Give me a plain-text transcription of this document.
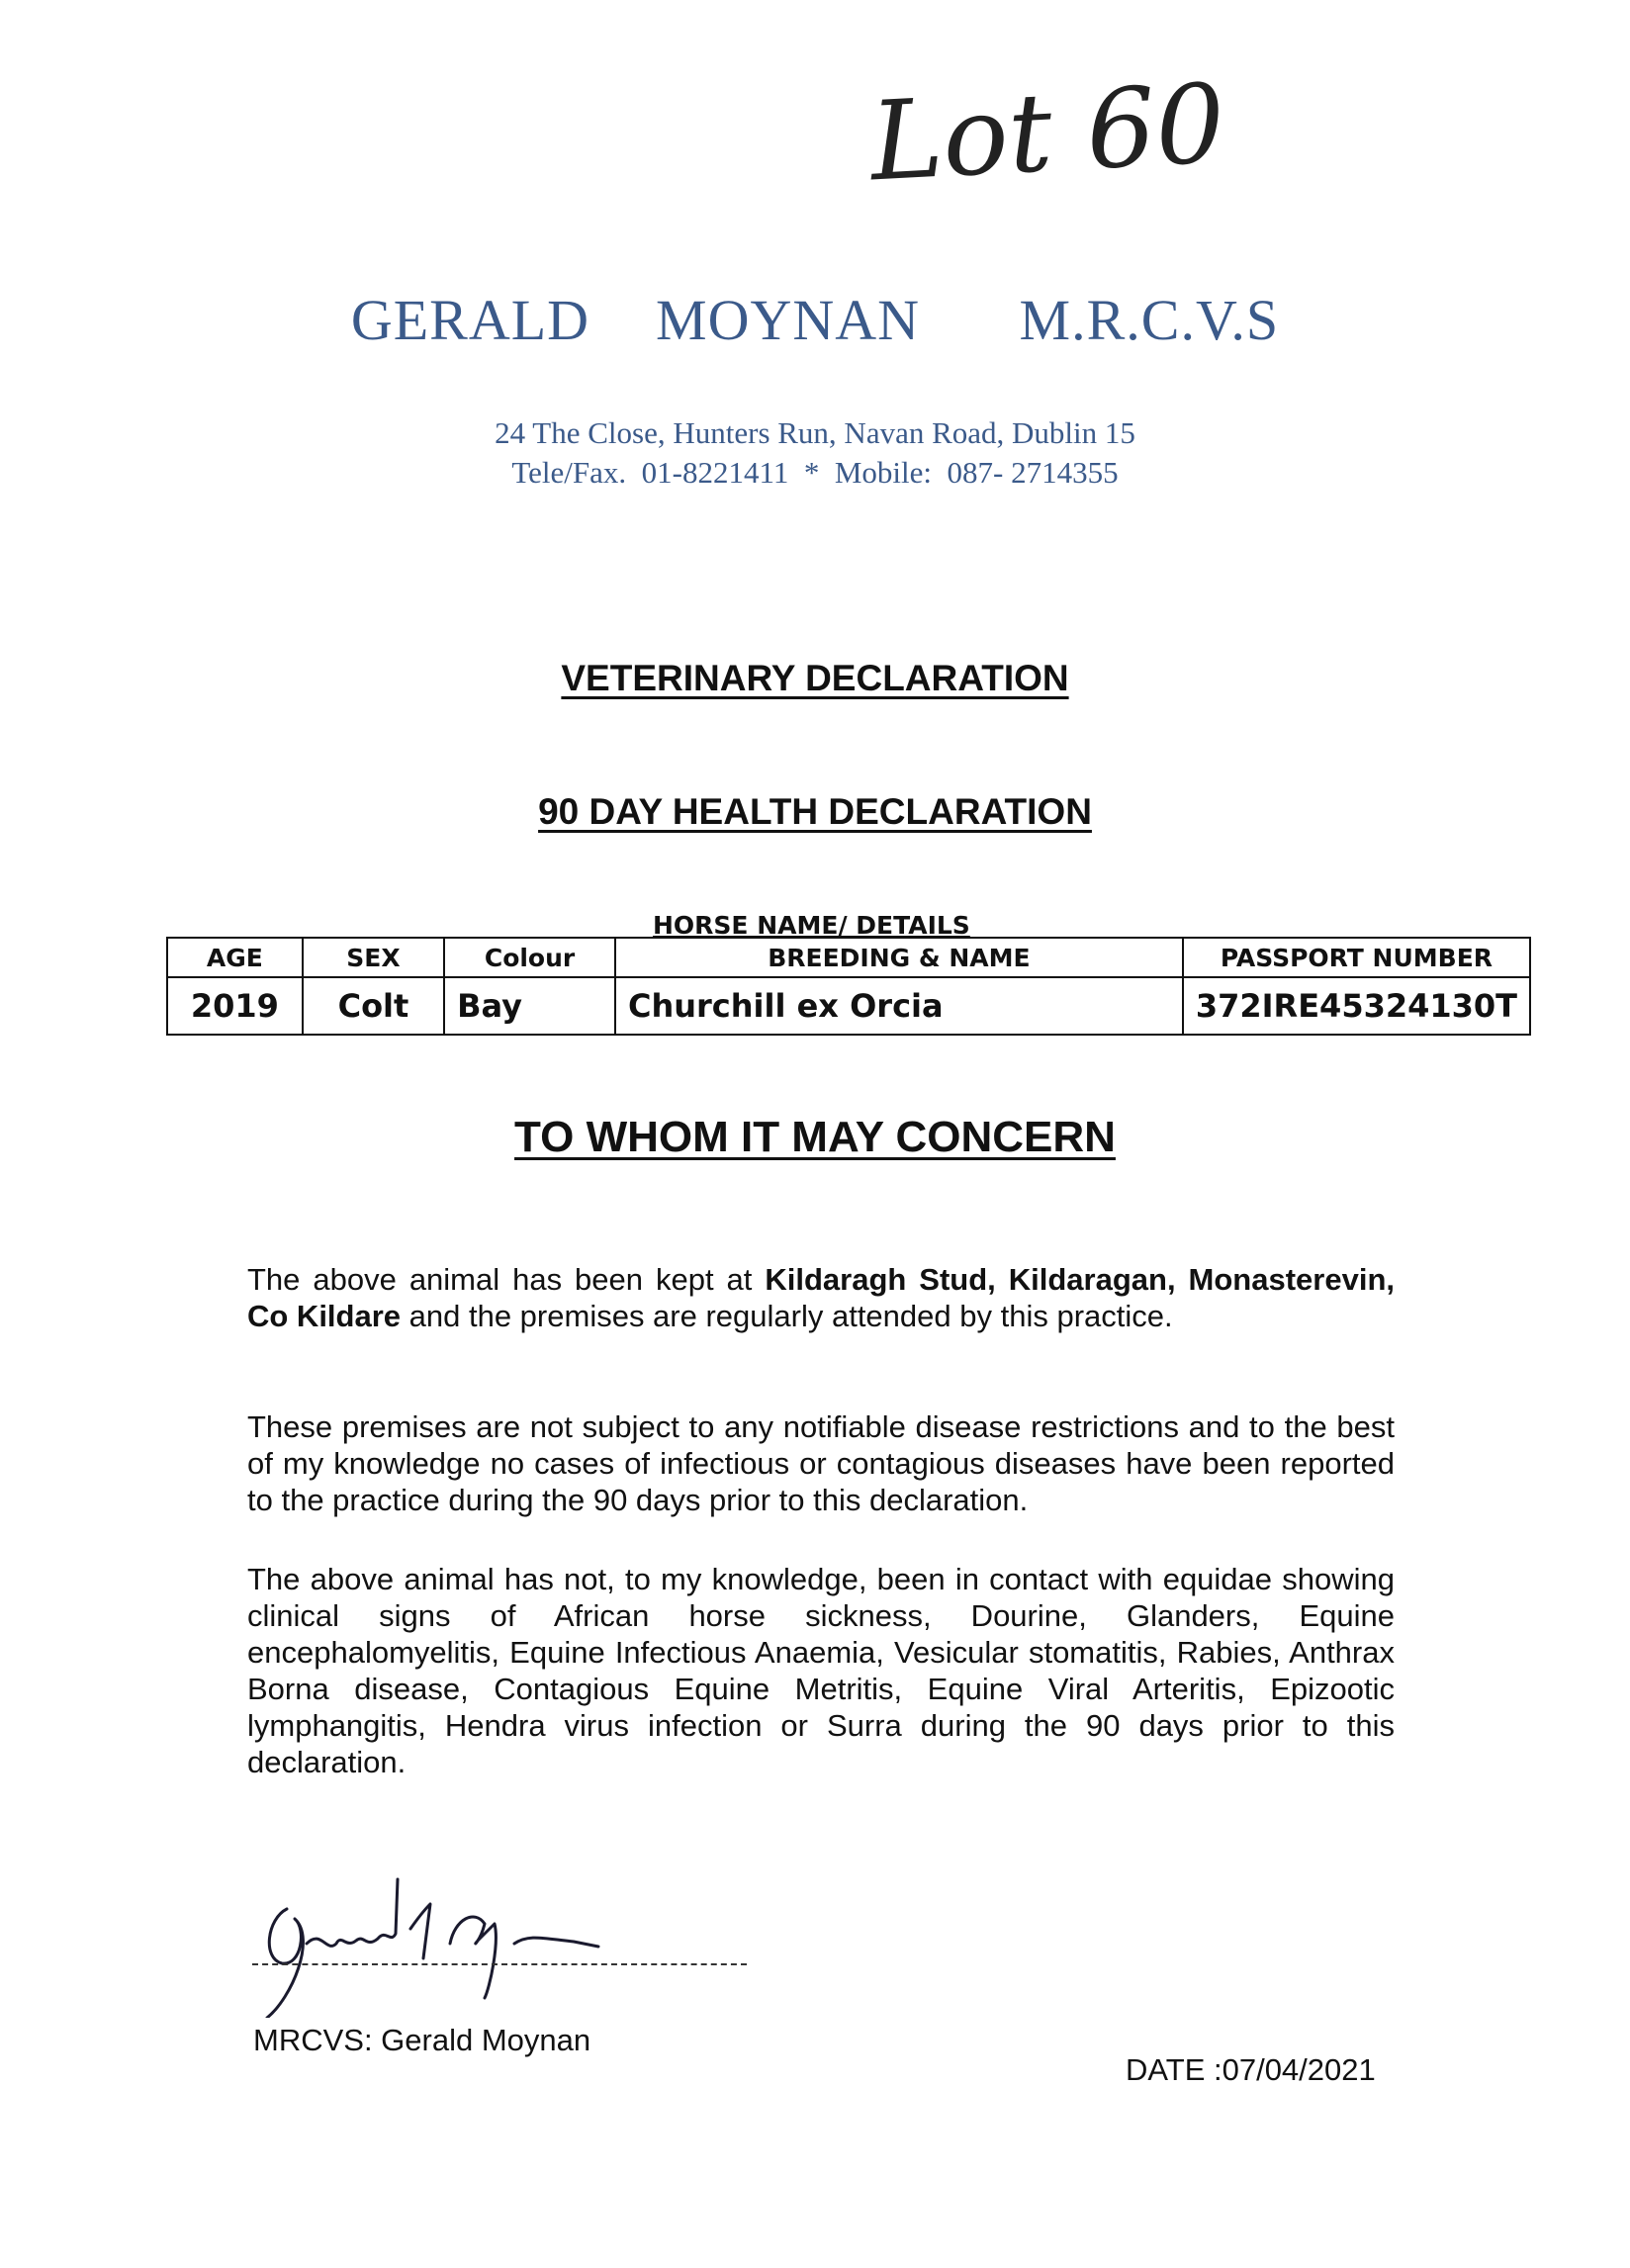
Lot 60
GERALD  MOYNAN   M.R.C.V.S
24 The Close, Hunters Run, Navan Road, Dublin 15
Tele/Fax.  01-8221411  *  Mobile:  087- 2714355
VETERINARY DECLARATION
90 DAY HEALTH DECLARATION
HORSE NAME/ DETAILS
AGE	SEX	Colour	BREEDING & NAME	PASSPORT NUMBER
2019	Colt	Bay	Churchill ex Orcia	372IRE45324130T
TO WHOM IT MAY CONCERN
The above animal has been kept at Kildaragh Stud, Kildaragan, Monasterevin, Co Kildare and the premises are regularly attended by this practice.
These premises are not subject to any notifiable disease restrictions and to the best of my knowledge no cases of infectious or contagious diseases have been reported to the practice during the 90 days prior to this declaration.
The above animal has not, to my knowledge, been in contact with equidae showing clinical signs of African horse sickness, Dourine, Glanders, Equine encephalomyelitis, Equine Infectious Anaemia, Vesicular stomatitis, Rabies, Anthrax Borna disease, Contagious Equine Metritis, Equine Viral Arteritis, Epizootic lymphangitis, Hendra virus infection or Surra during the 90 days prior to this declaration.
MRCVS: Gerald Moynan
DATE :07/04/2021
